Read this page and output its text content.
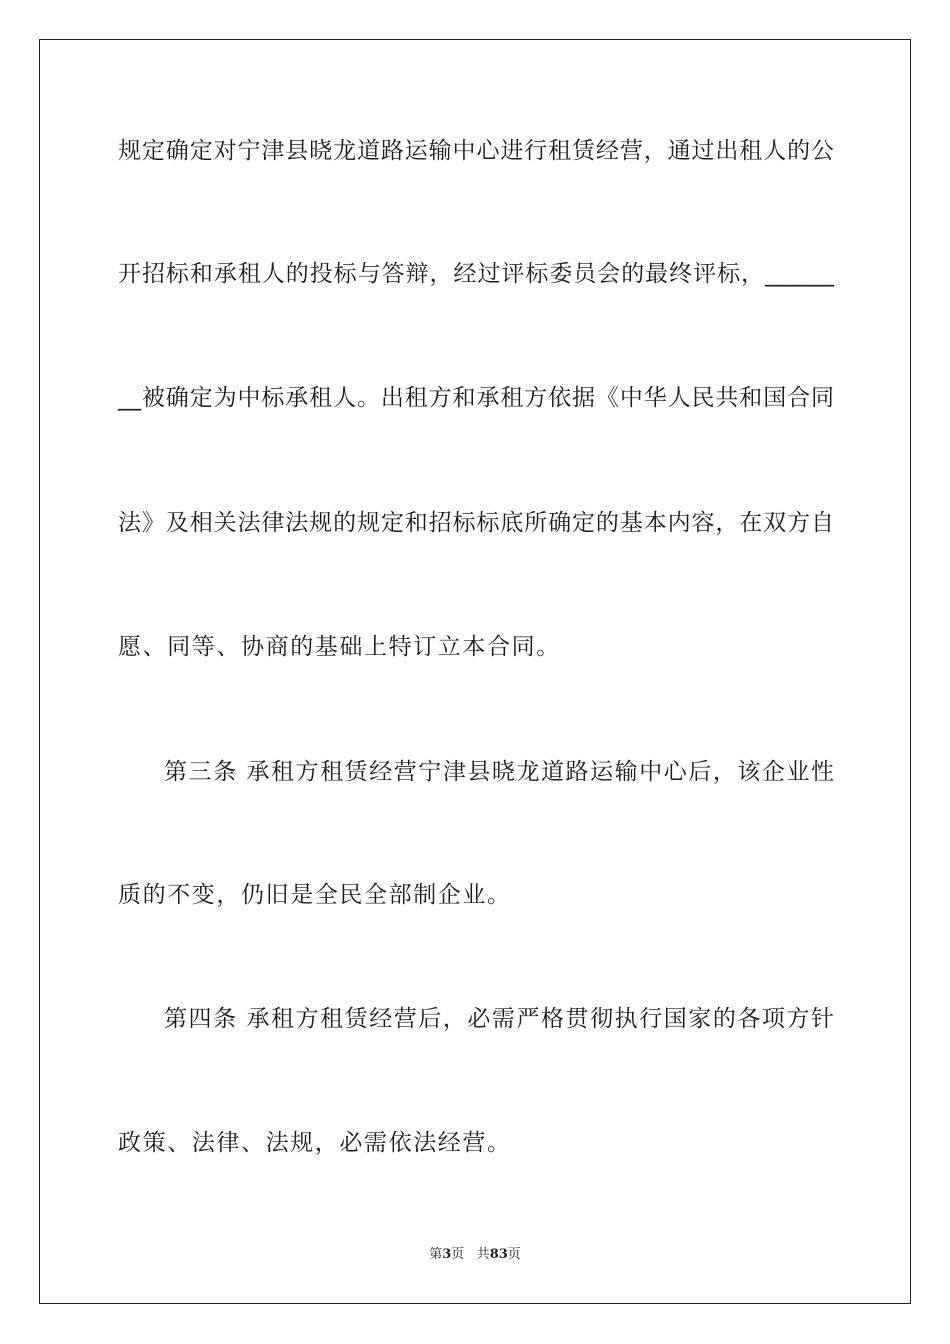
规定确定对宁津县晓龙道路运输中心进行租赁经营，通过出租人的公
开招标和承租人的投标与答辩，经过评标委员会的最终评标，______
__被确定为中标承租人。出租方和承租方依据《中华人民共和国合同
法》及相关法律法规的规定和招标标底所确定的基本内容，在双方自
愿、同等、协商的基础上特订立本合同。
第三条 承租方租赁经营宁津县晓龙道路运输中心后，该企业性
质的不变，仍旧是全民全部制企业。
第四条 承租方租赁经营后，必需严格贯彻执行国家的各项方针
政策、法律、法规，必需依法经营。
第3页 共83页
